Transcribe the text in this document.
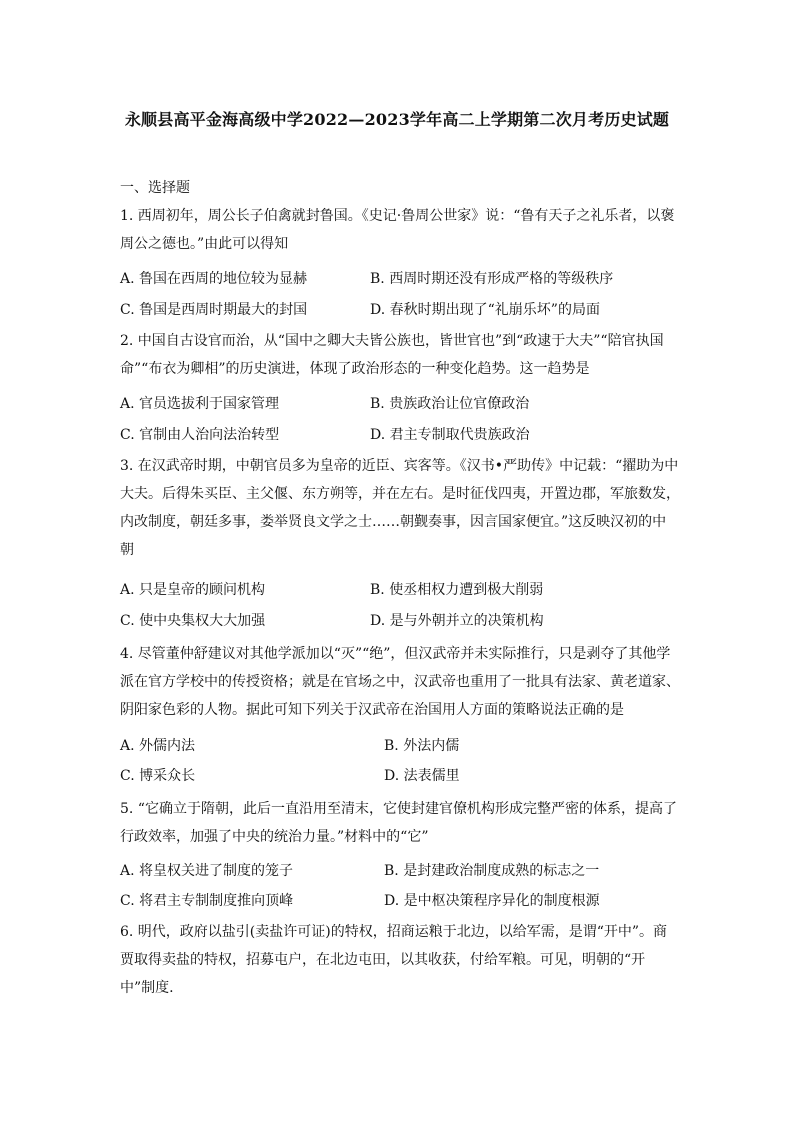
永顺县高平金海高级中学2022—2023学年高二上学期第二次月考历史试题
一、选择题
1. 西周初年，周公长子伯禽就封鲁国。《史记·鲁周公世家》说：“鲁有天子之礼乐者，以褒周公之德也。”由此可以得知
A. 鲁国在西周的地位较为显赫	B. 西周时期还没有形成严格的等级秩序
C. 鲁国是西周时期最大的封国	D. 春秋时期出现了“礼崩乐坏”的局面
2. 中国自古设官而治，从“国中之卿大夫皆公族也，皆世官也”到“政逮于大夫”“陪官执国命”“布衣为卿相”的历史演进，体现了政治形态的一种变化趋势。这一趋势是
A. 官员选拔利于国家管理	B. 贵族政治让位官僚政治
C. 官制由人治向法治转型	D. 君主专制取代贵族政治
3. 在汉武帝时期，中朝官员多为皇帝的近臣、宾客等。《汉书•严助传》中记载：“擢助为中大夫。后得朱买臣、主父偃、东方朔等，并在左右。是时征伐四夷，开置边郡，军旅数发，内改制度，朝廷多事，娄举贤良文学之士……朝觐奏事，因言国家便宜。”这反映汉初的中朝
A. 只是皇帝的顾问机构	B. 使丞相权力遭到极大削弱
C. 使中央集权大大加强	D. 是与外朝并立的决策机构
4. 尽管董仲舒建议对其他学派加以“灭”“绝”，但汉武帝并未实际推行，只是剥夺了其他学派在官方学校中的传授资格；就是在官场之中，汉武帝也重用了一批具有法家、黄老道家、阴阳家色彩的人物。据此可知下列关于汉武帝在治国用人方面的策略说法正确的是
A. 外儒内法	B. 外法内儒
C. 博采众长	D. 法表儒里
5. “它确立于隋朝，此后一直沿用至清末，它使封建官僚机构形成完整严密的体系，提高了行政效率，加强了中央的统治力量。”材料中的“它”
A. 将皇权关进了制度的笼子	B. 是封建政治制度成熟的标志之一
C. 将君主专制制度推向顶峰	D. 是中枢决策程序异化的制度根源
6. 明代，政府以盐引(卖盐许可证)的特权，招商运粮于北边，以给军需，是谓“开中”。商贾取得卖盐的特权，招募屯户，在北边屯田，以其收获，付给军粮。可见，明朝的“开中”制度.
